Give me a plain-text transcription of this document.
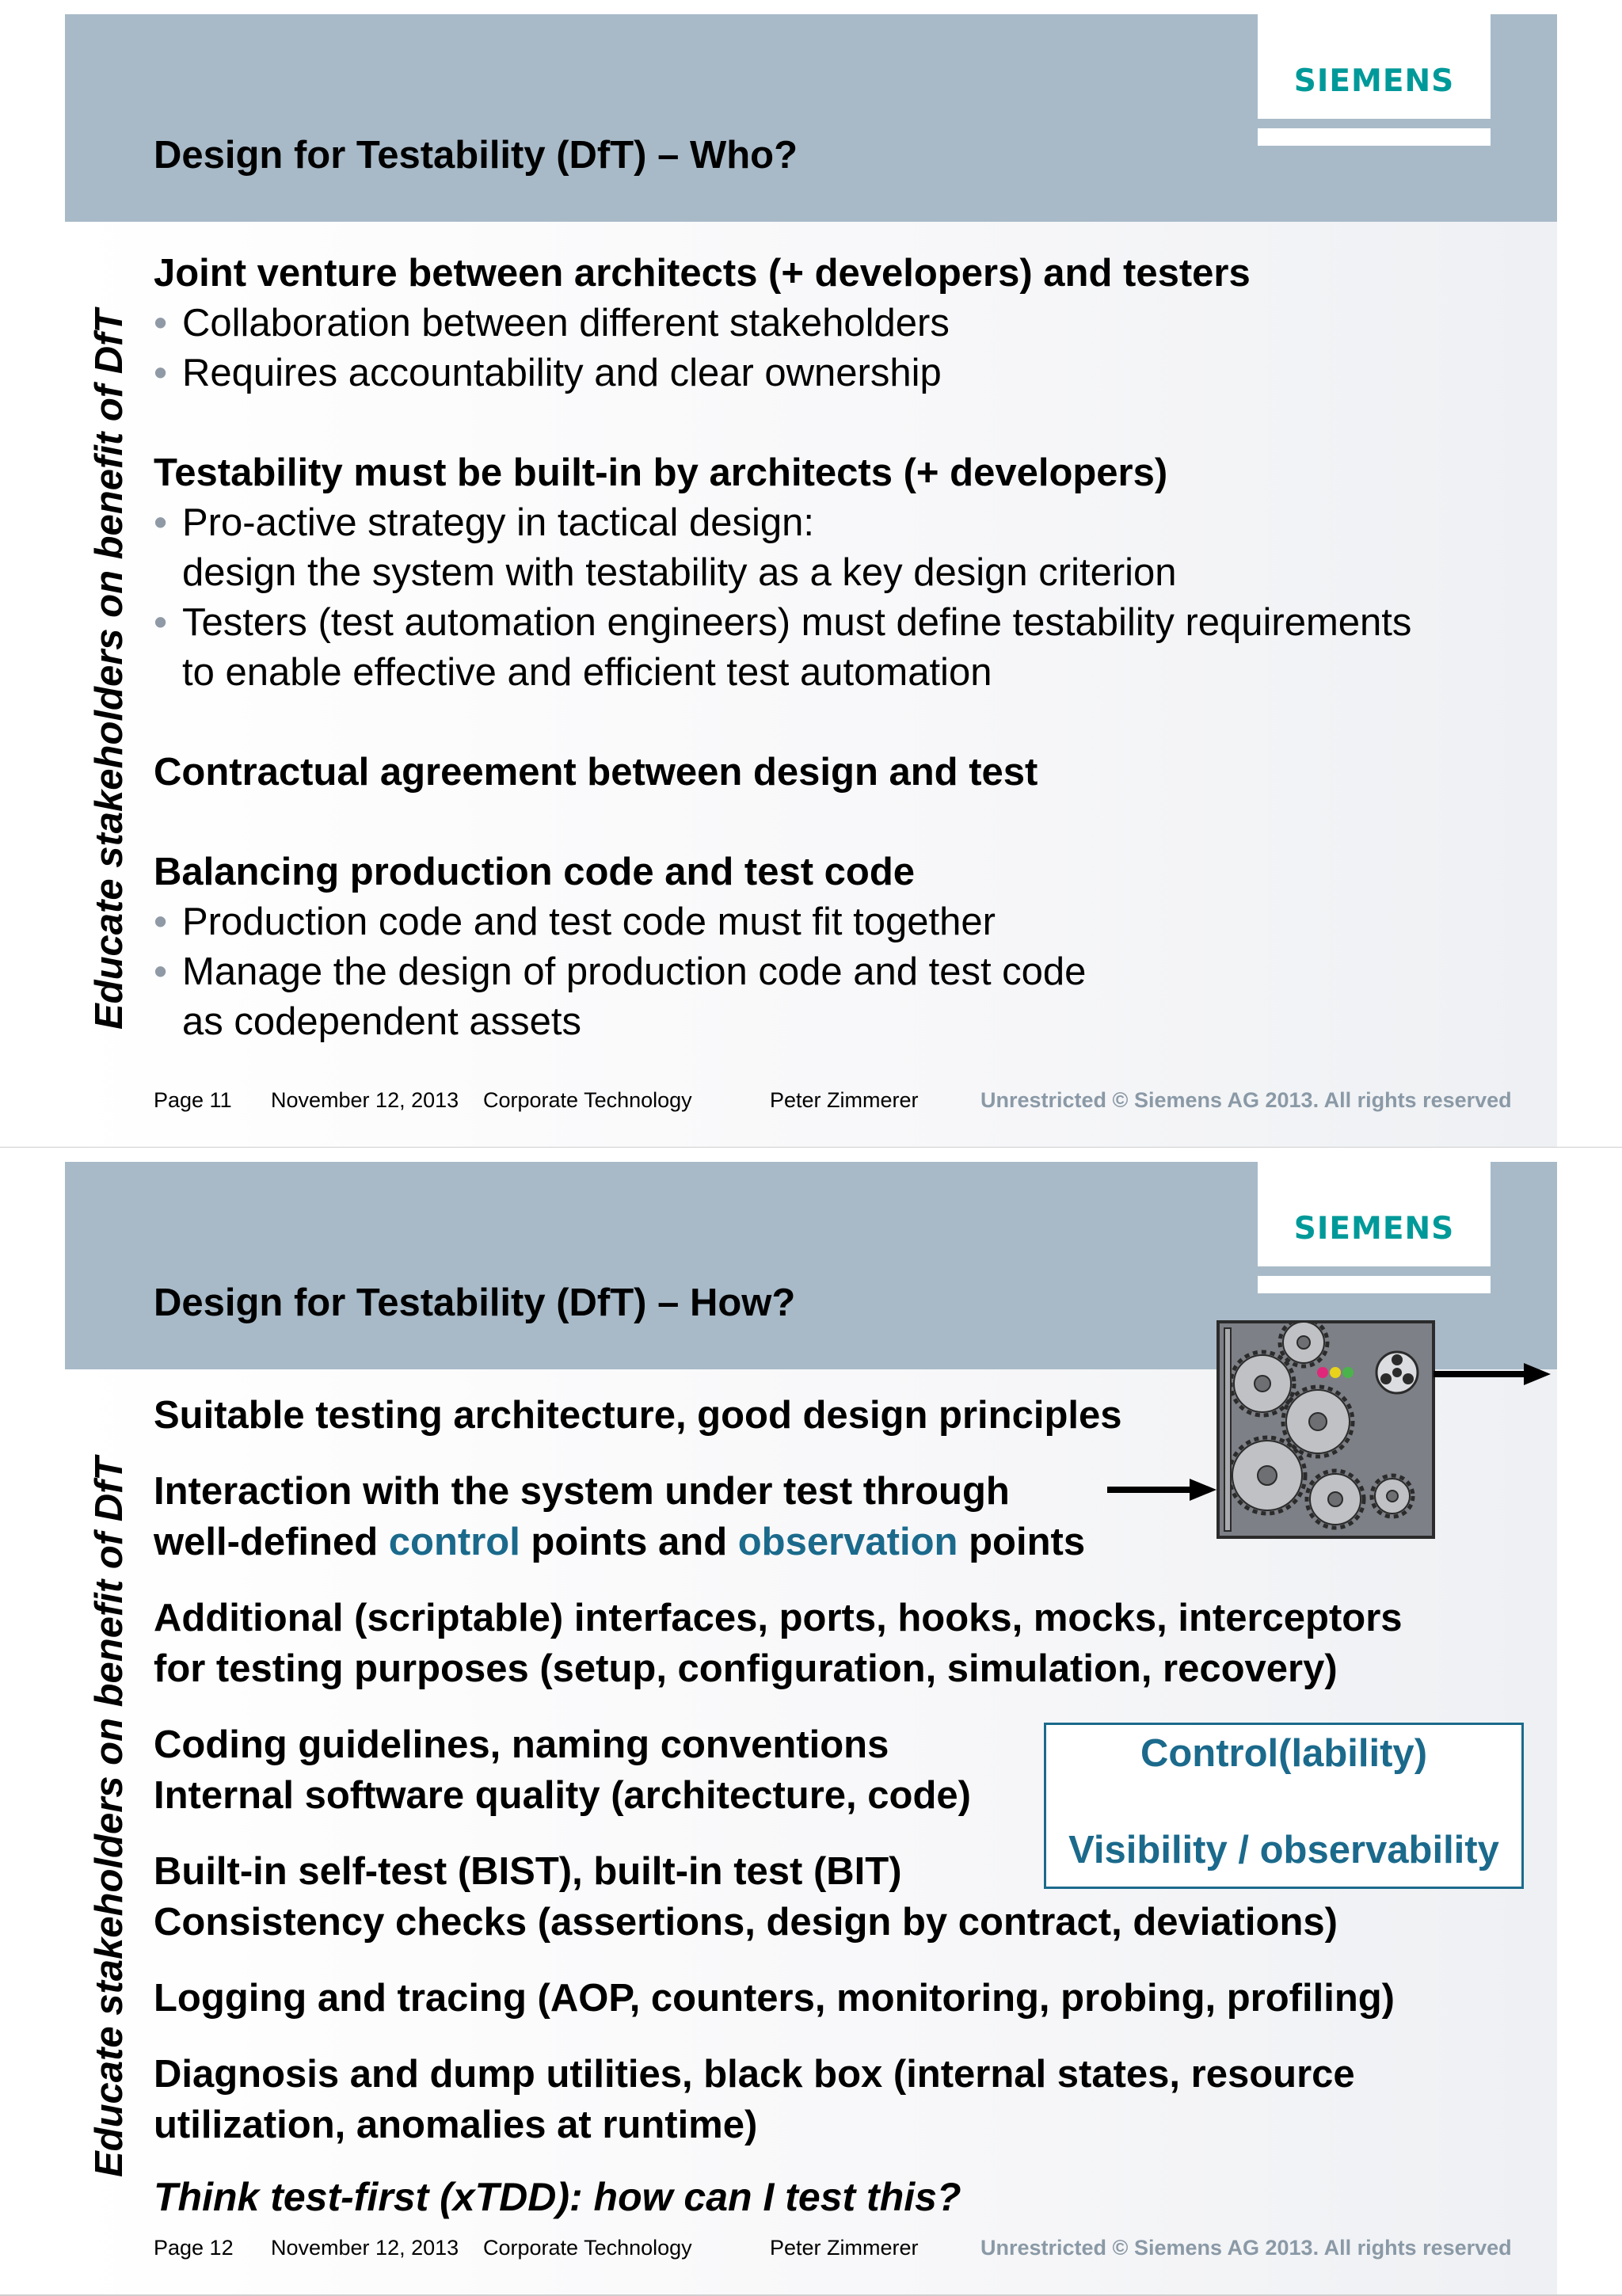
SIEMENS
Design for Testability (DfT) – Who?
Educate stakeholders on benefit of DfT
Joint venture between architects (+ developers) and testers
• Collaboration between different stakeholders
• Requires accountability and clear ownership
Testability must be built-in by architects (+ developers)
• Pro-active strategy in tactical design:
design the system with testability as a key design criterion
• Testers (test automation engineers) must define testability requirements
to enable effective and efficient test automation
Contractual agreement between design and test
Balancing production code and test code
• Production code and test code must fit together
• Manage the design of production code and test code
as codependent assets
Page 11 November 12, 2013 Corporate Technology	Peter Zimmerer	Unrestricted © Siemens AG 2013. All rights reserved
SIEMENS
Design for Testability (DfT) – How?
Educate stakeholders on benefit of DfT
Suitable testing architecture, good design principles
Interaction with the system under test through
well-defined control points and observation points
Additional (scriptable) interfaces, ports, hooks, mocks, interceptors
for testing purposes (setup, configuration, simulation, recovery)
Coding guidelines, naming conventions
Internal software quality (architecture, code)
Built-in self-test (BIST), built-in test (BIT)
Consistency checks (assertions, design by contract, deviations)
Logging and tracing (AOP, counters, monitoring, probing, profiling)
Diagnosis and dump utilities, black box (internal states, resource
utilization, anomalies at runtime)
Think test-first (xTDD): how can I test this?
Control(lability)
Visibility / observability
Page 12 November 12, 2013 Corporate Technology	Peter Zimmerer	Unrestricted © Siemens AG 2013. All rights reserved
